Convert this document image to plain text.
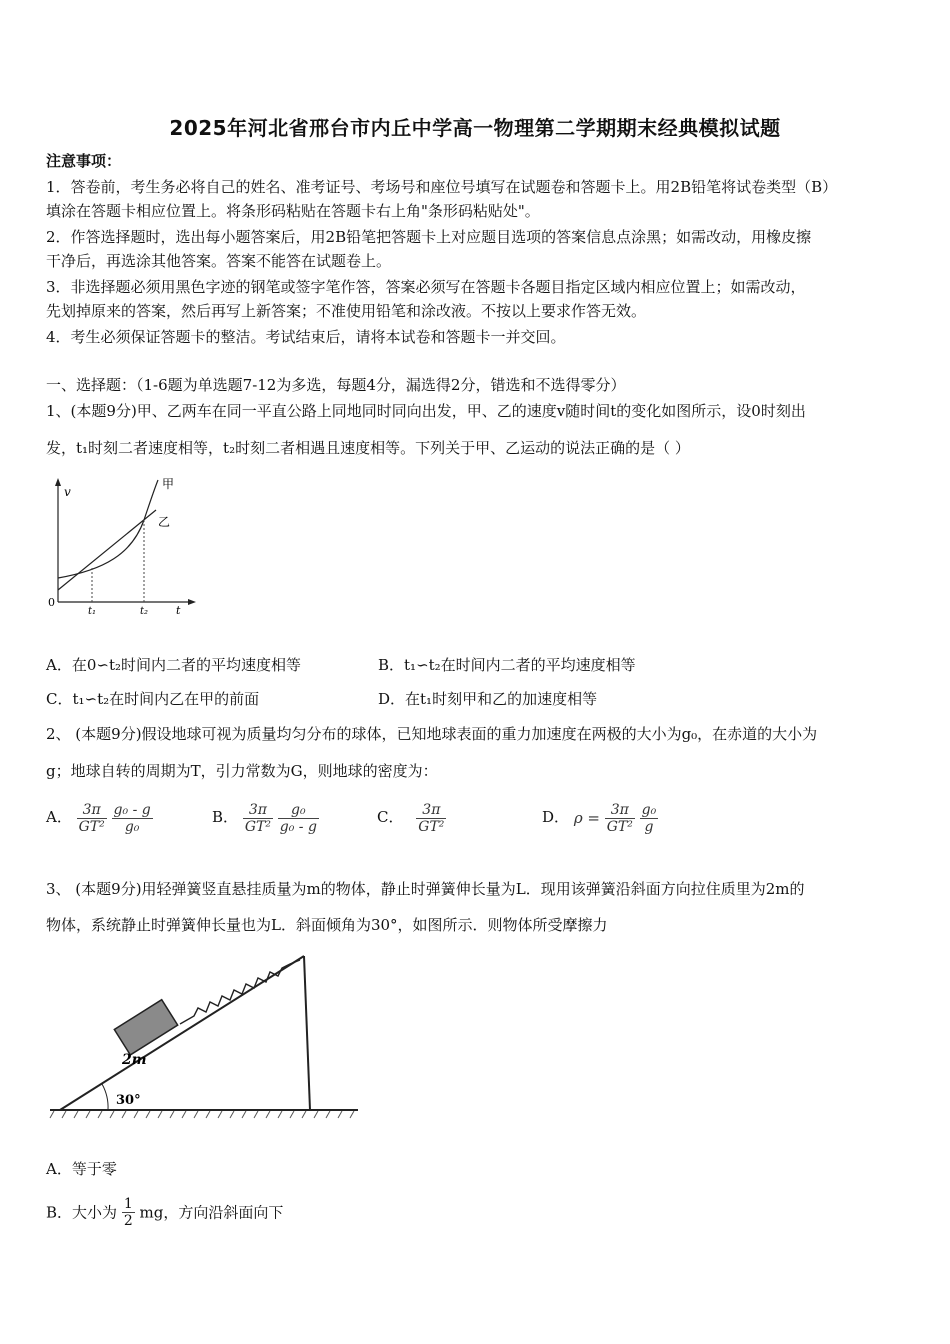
2025年河北省邢台市内丘中学高一物理第二学期期末经典模拟试题
注意事项：
1．答卷前，考生务必将自己的姓名、准考证号、考场号和座位号填写在试题卷和答题卡上。用2B铅笔将试卷类型（B）
填涂在答题卡相应位置上。将条形码粘贴在答题卡右上角"条形码粘贴处"。
2．作答选择题时，选出每小题答案后，用2B铅笔把答题卡上对应题目选项的答案信息点涂黑；如需改动，用橡皮擦
干净后，再选涂其他答案。答案不能答在试题卷上。
3．非选择题必须用黑色字迹的钢笔或签字笔作答，答案必须写在答题卡各题目指定区域内相应位置上；如需改动，
先划掉原来的答案，然后再写上新答案；不准使用铅笔和涂改液。不按以上要求作答无效。
4．考生必须保证答题卡的整洁。考试结束后，请将本试卷和答题卡一并交回。
一、选择题：（1-6题为单选题7-12为多选，每题4分，漏选得2分，错选和不选得零分）
1、(本题9分)甲、乙两车在同一平直公路上同地同时同向出发，甲、乙的速度v随时间t的变化如图所示，设0时刻出
发，t₁时刻二者速度相等，t₂时刻二者相遇且速度相等。下列关于甲、乙运动的说法正确的是（ ）
v
0
t₁	t₂	t
甲
乙
A．在0∽t₂时间内二者的平均速度相等	B．t₁∽t₂在时间内二者的平均速度相等
C．t₁∽t₂在时间内乙在甲的前面	D．在t₁时刻甲和乙的加速度相等
2、 (本题9分)假设地球可视为质量均匀分布的球体，已知地球表面的重力加速度在两极的大小为g₀，在赤道的大小为
g；地球自转的周期为T，引力常数为G，则地球的密度为：
A． $\frac{3\pi}{\text{GT²}}$
$\frac{\text{g₀ - g}}{\text{g₀}}$	B． $\frac{3\pi}{\text{GT²}}$
$\frac{\text{g₀}}{\text{g₀ - g}}$	C． $\frac{3\pi}{\text{GT²}}$	D． $\rho = \frac{3\pi}{\text{GT²}}$
$\frac{\text{g₀}}{g}$
3、 (本题9分)用轻弹簧竖直悬挂质量为m的物体，静止时弹簧伸长量为L．现用该弹簧沿斜面方向拉住质里为2m的
物体，系统静止时弹簧伸长量也为L．斜面倾角为30°，如图所示．则物体所受摩擦力
2m
30°
A．等于零
B．大小为 $\frac{1}{2}$ mg，方向沿斜面向下
